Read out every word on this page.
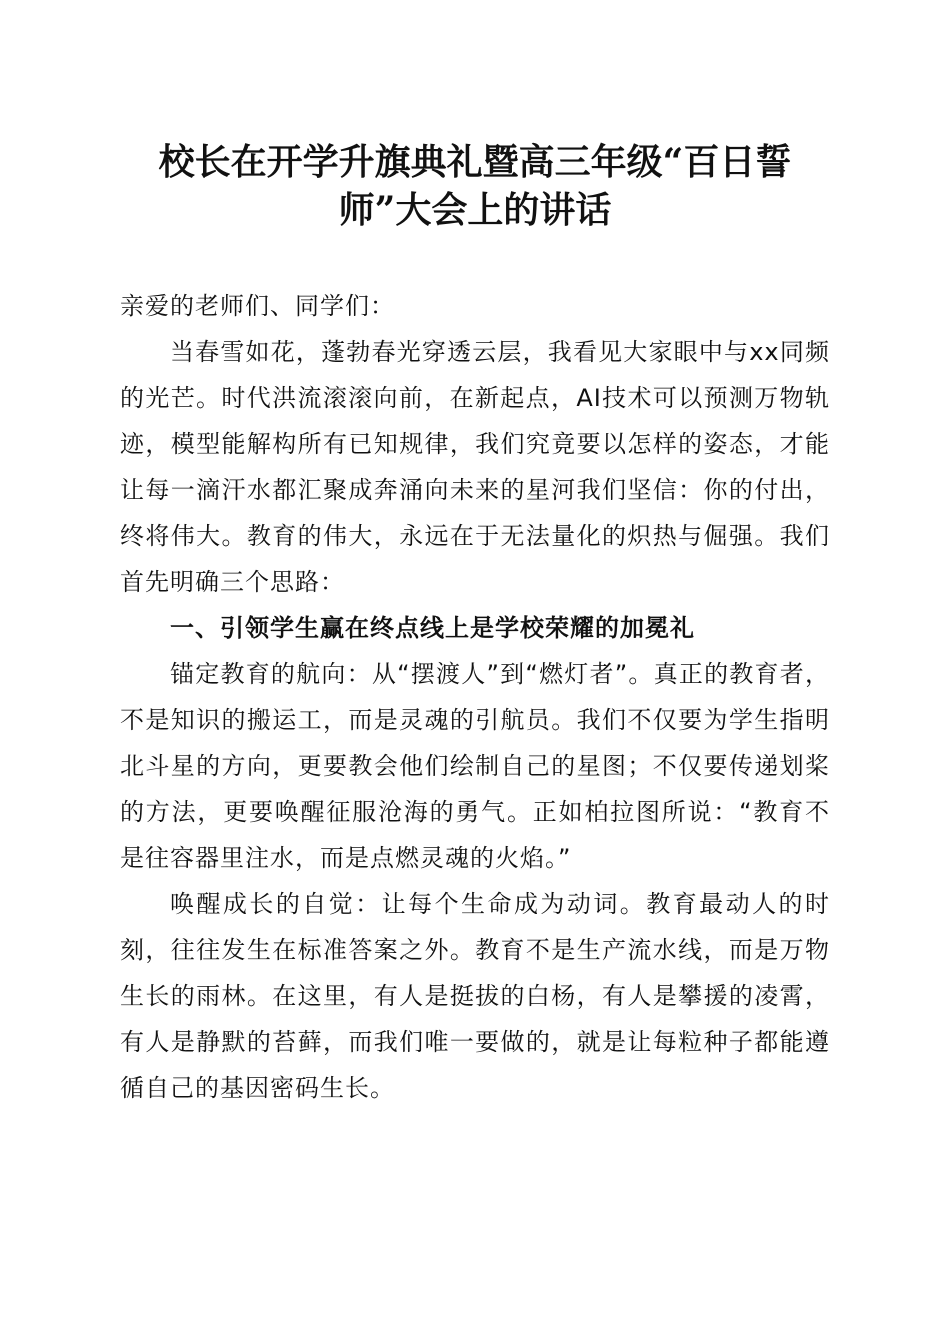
校长在开学升旗典礼暨高三年级“百日誓
师”大会上的讲话

亲爱的老师们、同学们：

当春雪如花，蓬勃春光穿透云层，我看见大家眼中与xx同频的光芒。时代洪流滚滚向前，在新起点，AI技术可以预测万物轨迹，模型能解构所有已知规律，我们究竟要以怎样的姿态，才能让每一滴汗水都汇聚成奔涌向未来的星河我们坚信：你的付出，终将伟大。教育的伟大，永远在于无法量化的炽热与倔强。我们首先明确三个思路：

一、引领学生赢在终点线上是学校荣耀的加冕礼

锚定教育的航向：从“摆渡人”到“燃灯者”。真正的教育者，不是知识的搬运工，而是灵魂的引航员。我们不仅要为学生指明北斗星的方向，更要教会他们绘制自己的星图；不仅要传递划桨的方法，更要唤醒征服沧海的勇气。正如柏拉图所说：“教育不是往容器里注水，而是点燃灵魂的火焰。”

唤醒成长的自觉：让每个生命成为动词。教育最动人的时刻，往往发生在标准答案之外。教育不是生产流水线，而是万物生长的雨林。在这里，有人是挺拔的白杨，有人是攀援的凌霄，有人是静默的苔藓，而我们唯一要做的，就是让每粒种子都能遵循自己的基因密码生长。
